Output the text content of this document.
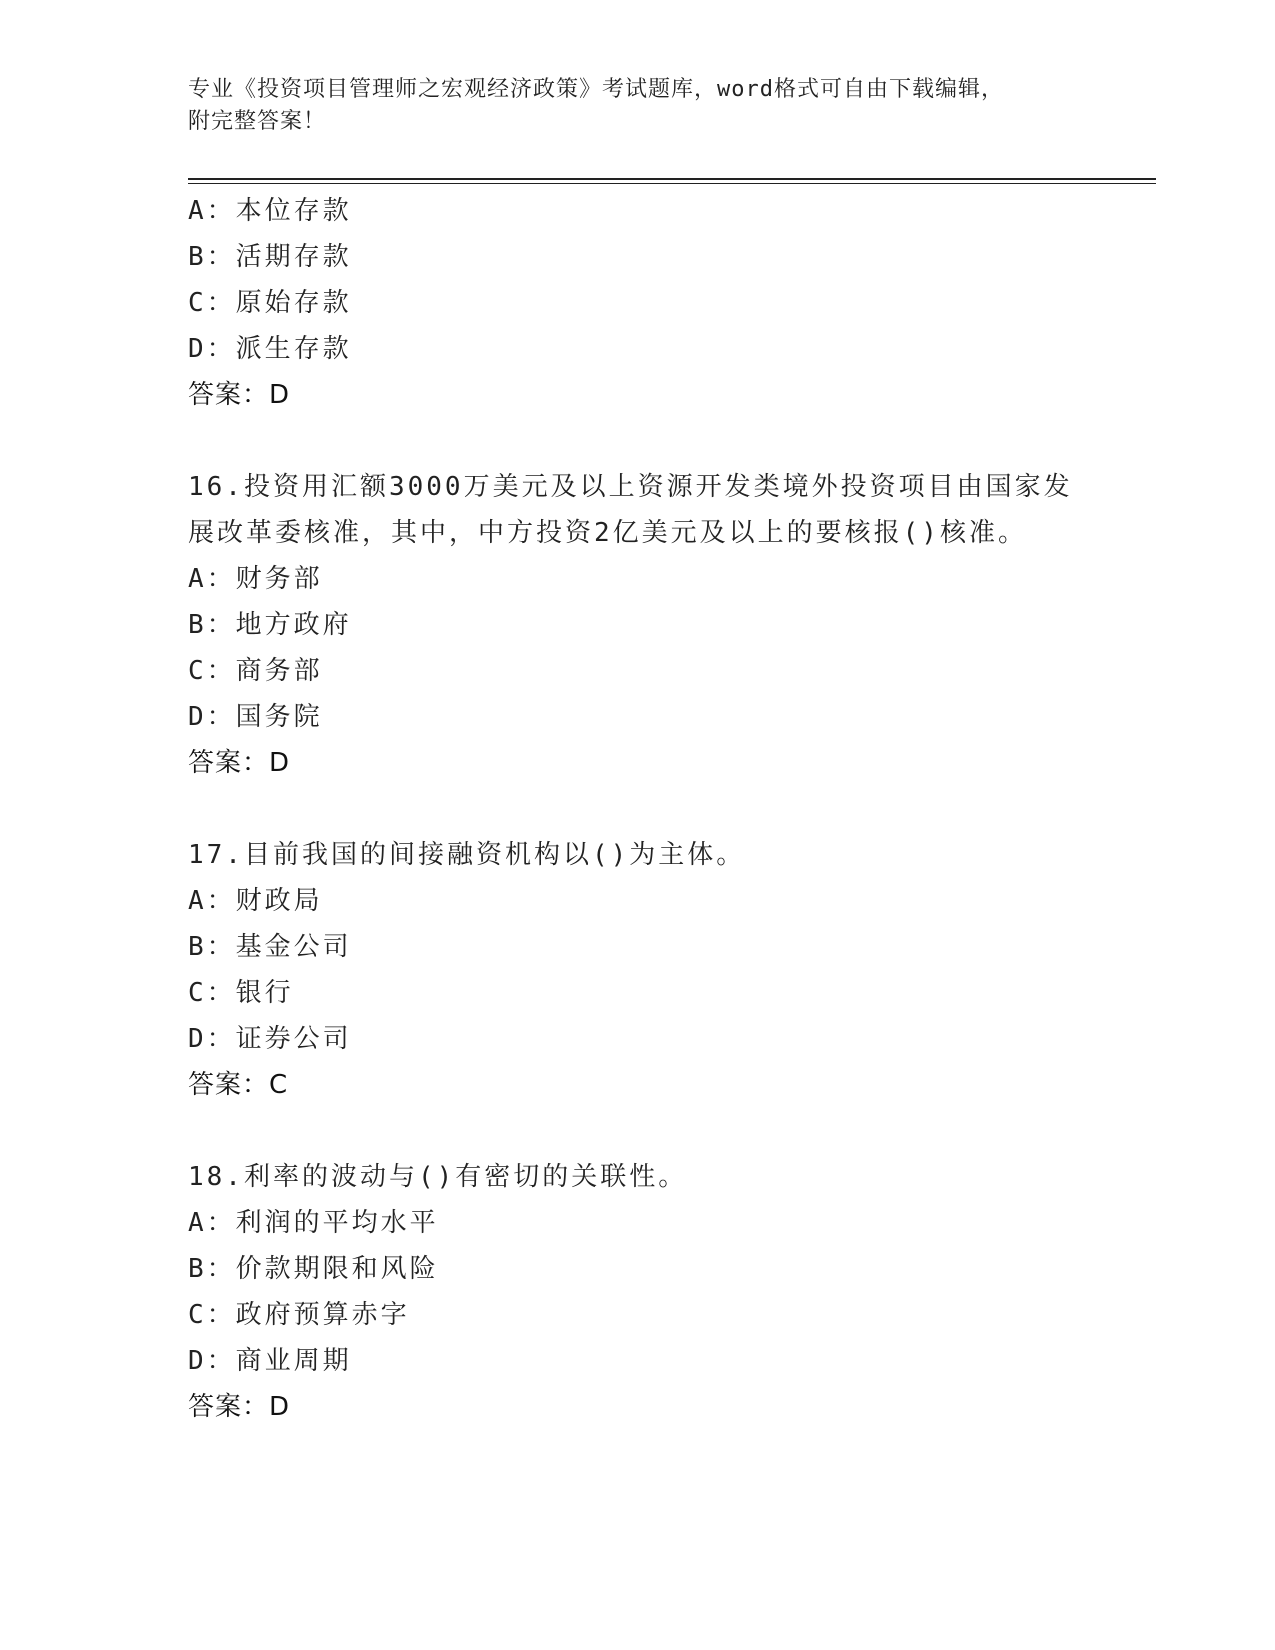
专业《投资项目管理师之宏观经济政策》考试题库，word格式可自由下载编辑，
附完整答案！
A：本位存款
B：活期存款
C：原始存款
D：派生存款
答案：D
16.投资用汇额3000万美元及以上资源开发类境外投资项目由国家发
展改革委核准，其中，中方投资2亿美元及以上的要核报()核准。
A：财务部
B：地方政府
C：商务部
D：国务院
答案：D
17.目前我国的间接融资机构以()为主体。
A：财政局
B：基金公司
C：银行
D：证券公司
答案：C
18.利率的波动与()有密切的关联性。
A：利润的平均水平
B：价款期限和风险
C：政府预算赤字
D：商业周期
答案：D
